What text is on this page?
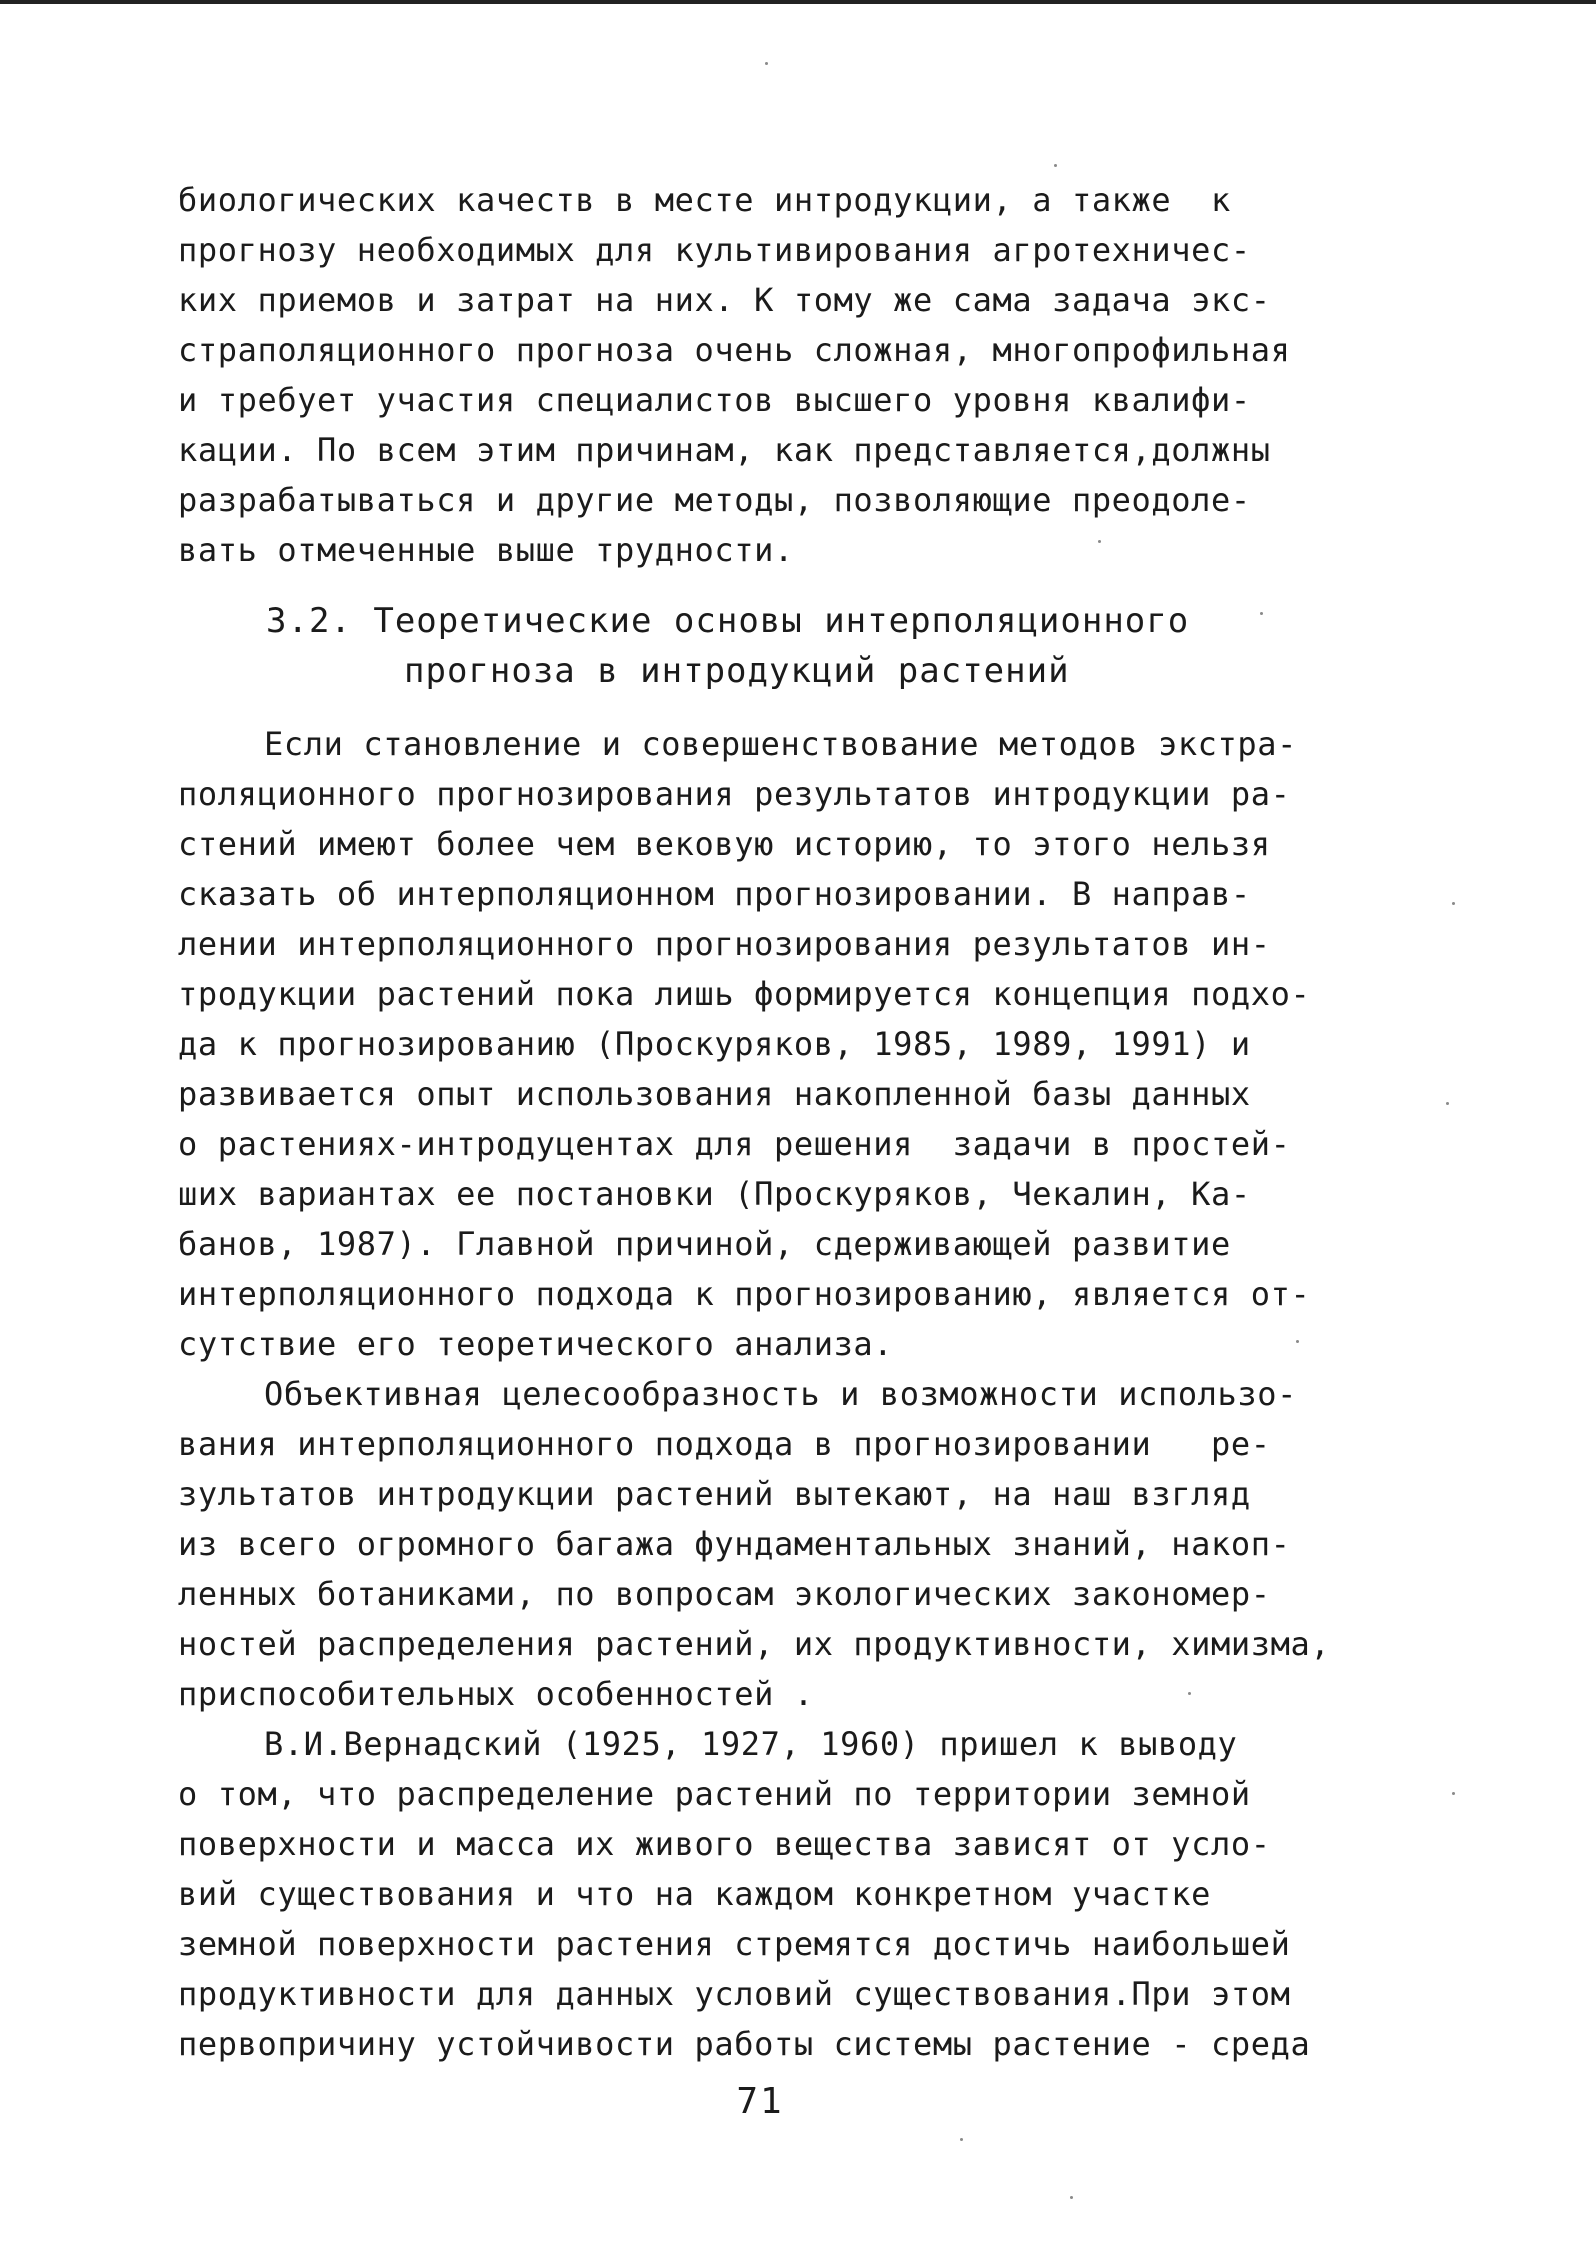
биологических качеств в месте интродукции, а также  к
прогнозу необходимых для культивирования агротехничес-
ких приемов и затрат на них. К тому же сама задача экс-
страполяционного прогноза очень сложная, многопрофильная
и требует участия специалистов высшего уровня квалифи-
кации. По всем этим причинам, как представляется,должны
разрабатываться и другие методы, позволяющие преодоле-
вать отмеченные выше трудности.
3.2. Теоретические основы интерполяционного
прогноза в интродукций растений
Если становление и совершенствование методов экстра-
поляционного прогнозирования результатов интродукции ра-
стений имеют более чем вековую историю, то этого нельзя
сказать об интерполяционном прогнозировании. В направ-
лении интерполяционного прогнозирования результатов ин-
тродукции растений пока лишь формируется концепция подхо-
да к прогнозированию (Проскуряков, 1985, 1989, 1991) и
развивается опыт использования накопленной базы данных
о растениях-интродуцентах для решения  задачи в простей-
ших вариантах ее постановки (Проскуряков, Чекалин, Ка-
банов, 1987). Главной причиной, сдерживающей развитие
интерполяционного подхода к прогнозированию, является от-
сутствие его теоретического анализа.
Объективная целесообразность и возможности использо-
вания интерполяционного подхода в прогнозировании   ре-
зультатов интродукции растений вытекают, на наш взгляд
из всего огромного багажа фундаментальных знаний, накоп-
ленных ботаниками, по вопросам экологических закономер-
ностей распределения растений, их продуктивности, химизма,
приспособительных особенностей .
В.И.Вернадский (1925, 1927, 1960) пришел к выводу
о том, что распределение растений по территории земной
поверхности и масса их живого вещества зависят от усло-
вий существования и что на каждом конкретном участке
земной поверхности растения стремятся достичь наибольшей
продуктивности для данных условий существования.При этом
первопричину устойчивости работы системы растение - среда
71
